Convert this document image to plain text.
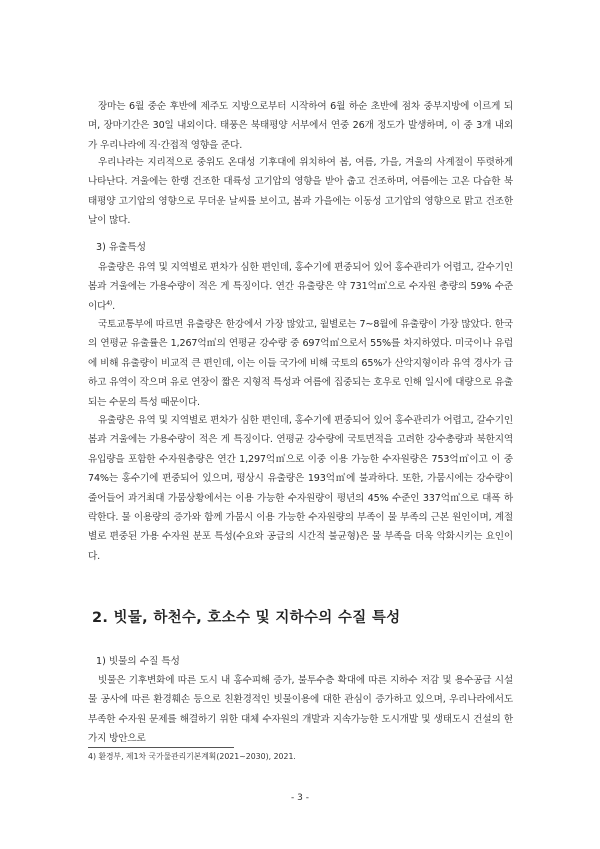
장마는 6월 중순 후반에 제주도 지방으로부터 시작하여 6월 하순 초반에 점차 중부지방에 이르게 되며, 장마기간은 30일 내외이다. 태풍은 북태평양 서부에서 연중 26개 정도가 발생하며, 이 중 3개 내외가 우리나라에 직·간접적 영향을 준다.

우리나라는 지리적으로 중위도 온대성 기후대에 위치하여 봄, 여름, 가을, 겨울의 사계절이 뚜렷하게 나타난다. 겨울에는 한랭 건조한 대륙성 고기압의 영향을 받아 춥고 건조하며, 여름에는 고온 다습한 북태평양 고기압의 영향으로 무더운 날씨를 보이고, 봄과 가을에는 이동성 고기압의 영향으로 맑고 건조한 날이 많다.

3) 유출특성

유출량은 유역 및 지역별로 편차가 심한 편인데, 홍수기에 편중되어 있어 홍수관리가 어렵고, 갈수기인 봄과 겨울에는 가용수량이 적은 게 특징이다. 연간 유출량은 약 731억㎥으로 수자원 총량의 59% 수준이다$^{4)}$.

국토교통부에 따르면 유출량은 한강에서 가장 많았고, 월별로는 7~8월에 유출량이 가장 많았다. 한국의 연평균 유출률은 1,267억㎥의 연평균 강수량 중 697억㎥으로서 55%를 차지하였다. 미국이나 유럽에 비해 유출량이 비교적 큰 편인데, 이는 이들 국가에 비해 국토의 65%가 산악지형이라 유역 경사가 급하고 유역이 작으며 유로 연장이 짧은 지형적 특성과 여름에 집중되는 호우로 인해 일시에 대량으로 유출되는 수문의 특성 때문이다.

유출량은 유역 및 지역별로 편차가 심한 편인데, 홍수기에 편중되어 있어 홍수관리가 어렵고, 갈수기인 봄과 겨울에는 가용수량이 적은 게 특징이다. 연평균 강수량에 국토면적을 고려한 강수총량과 북한지역 유입량을 포함한 수자원총량은 연간 1,297억㎥으로 이중 이용 가능한 수자원량은 753억㎥이고 이 중 74%는 홍수기에 편중되어 있으며, 평상시 유출량은 193억㎥에 불과하다. 또한, 가뭄시에는 강수량이 줄어들어 과거최대 가뭄상황에서는 이용 가능한 수자원량이 평년의 45% 수준인 337억㎥으로 대폭 하락한다. 물 이용량의 증가와 함께 가뭄시 이용 가능한 수자원량의 부족이 물 부족의 근본 원인이며, 계절별로 편중된 가용 수자원 분포 특성(수요와 공급의 시간적 불균형)은 물 부족을 더욱 악화시키는 요인이다.

2. 빗물, 하천수, 호소수 및 지하수의 수질 특성

1) 빗물의 수질 특성

빗물은 기후변화에 따른 도시 내 홍수피해 증가, 불투수층 확대에 따른 지하수 저감 및 용수공급 시설물 공사에 따른 환경훼손 등으로 친환경적인 빗물이용에 대한 관심이 증가하고 있으며, 우리나라에서도 부족한 수자원 문제를 해결하기 위한 대체 수자원의 개발과 지속가능한 도시개발 및 생태도시 건설의 한 가지 방안으로

4) 환경부, 제1차 국가물관리기본계획(2021~2030), 2021.

- 3 -
